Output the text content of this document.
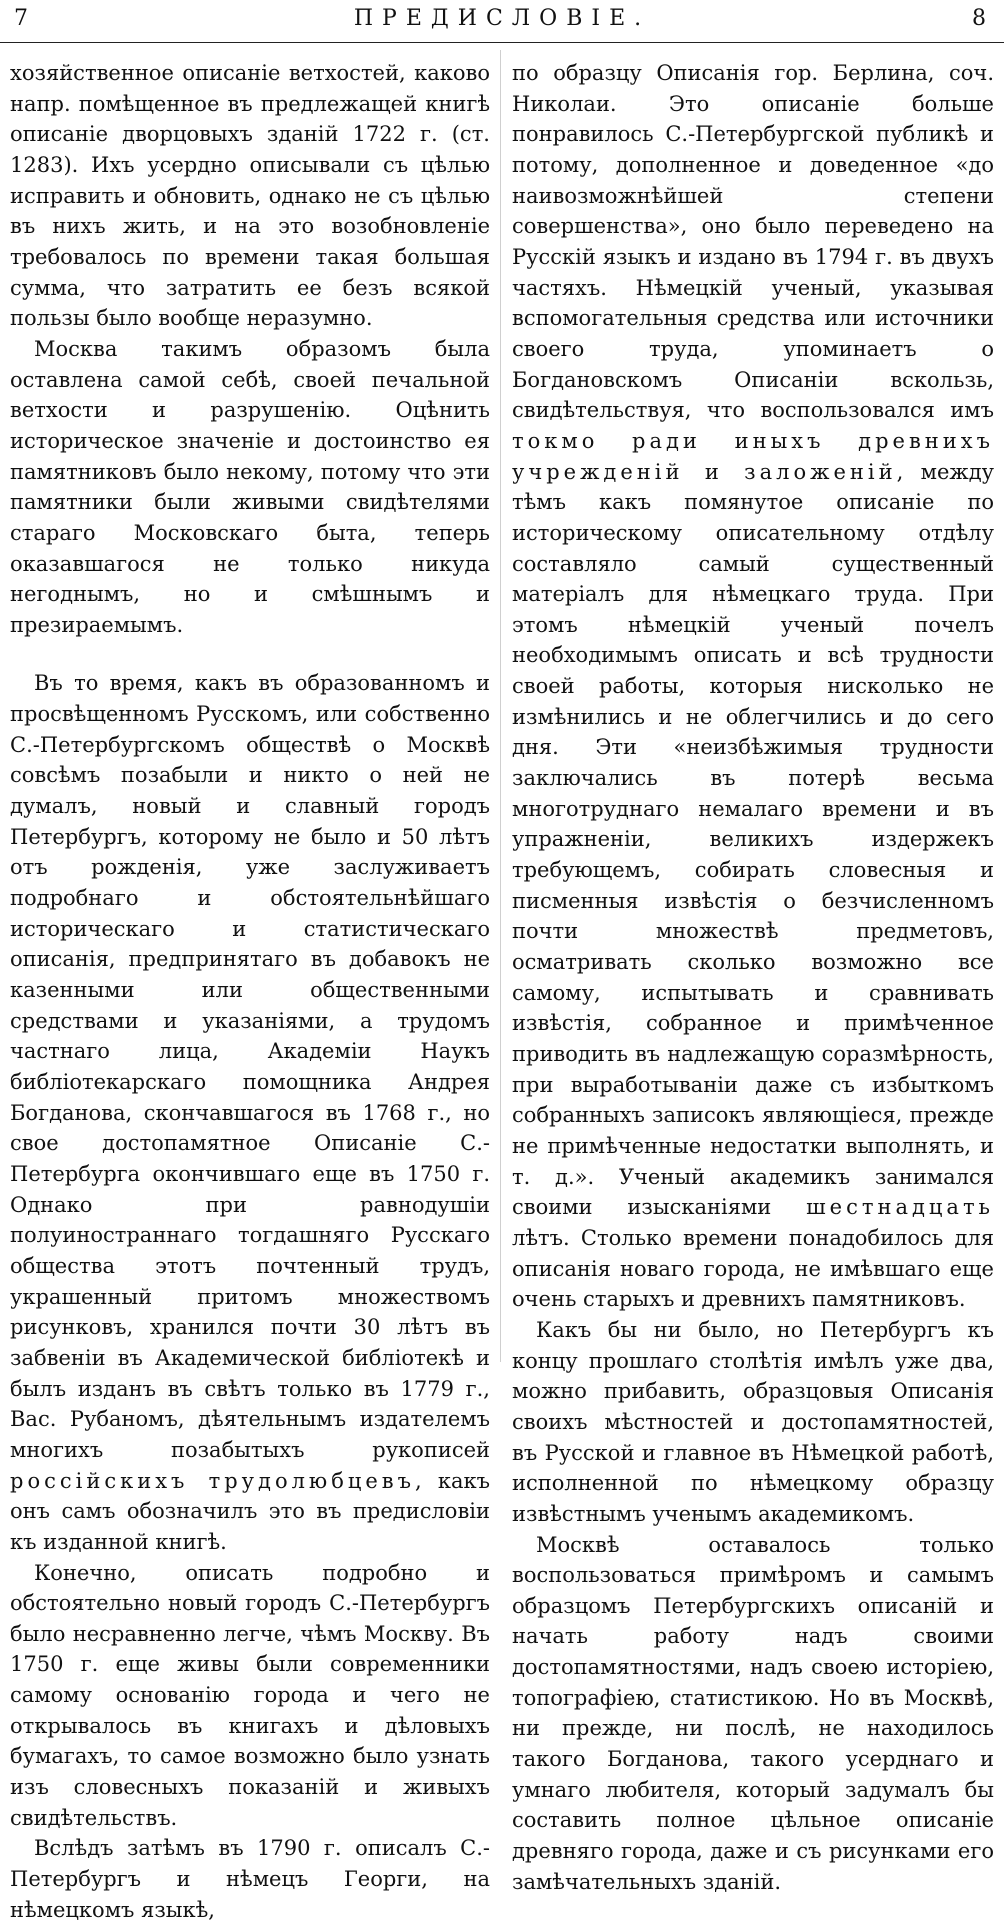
7	ПРЕДИСЛОВІЕ.	8

хозяйственное описаніе ветхостей, каково напр. помѣщенное въ предлежащей книгѣ описаніе дворцовыхъ зданій 1722 г. (ст. 1283). Ихъ усердно описывали съ цѣлью исправить и обновить, однако не съ цѣлью въ нихъ жить, и на это возобновленіе требовалось по времени такая большая сумма, что затратить ее безъ всякой пользы было вообще неразумно.

Москва такимъ образомъ была оставлена самой себѣ, своей печальной ветхости и разрушенію. Оцѣнить историческое значеніе и достоинство ея памятниковъ было некому, потому что эти памятники были живыми свидѣтелями стараго Московскаго быта, теперь оказавшагося не только никуда негоднымъ, но и смѣшнымъ и презираемымъ.

Въ то время, какъ въ образованномъ и просвѣщенномъ Русскомъ, или собственно С.-Петербургскомъ обществѣ о Москвѣ совсѣмъ позабыли и никто о ней не думалъ, новый и славный городъ Петербургъ, которому не было и 50 лѣтъ отъ рожденія, уже заслуживаетъ подробнаго и обстоятельнѣйшаго историческаго и статистическаго описанія, предпринятаго въ добавокъ не казенными или общественными средствами и указаніями, а трудомъ частнаго лица, Академіи Наукъ библіотекарскаго помощника Андрея Богданова, скончавшагося въ 1768 г., но свое достопамятное Описаніе С.-Петербурга окончившаго еще въ 1750 г. Однако при равнодушіи полуиностраннаго тогдашняго Русскаго общества этотъ почтенный трудъ, украшенный притомъ множествомъ рисунковъ, хранился почти 30 лѣтъ въ забвеніи въ Академической библіотекѣ и былъ изданъ въ свѣтъ только въ 1779 г., Вас. Рубаномъ, дѣятельнымъ издателемъ многихъ позабытыхъ рукописей россійскихъ трудолюбцевъ, какъ онъ самъ обозначилъ это въ предисловіи къ изданной книгѣ.

Конечно, описать подробно и обстоятельно новый городъ С.-Петербургъ было несравненно легче, чѣмъ Москву. Въ 1750 г. еще живы были современники самому основанію города и чего не открывалось въ книгахъ и дѣловыхъ бумагахъ, то самое возможно было узнать изъ словесныхъ показаній и живыхъ свидѣтельствъ.

Вслѣдъ затѣмъ въ 1790 г. описалъ С.-Петербургъ и нѣмецъ Георги, на нѣмецкомъ языкѣ,

по образцу Описанія гор. Берлина, соч. Николаи. Это описаніе больше понравилось С.-Петербургской публикѣ и потому, дополненное и доведенное «до наивозможнѣйшей степени совершенства», оно было переведено на Русскій языкъ и издано въ 1794 г. въ двухъ частяхъ. Нѣмецкій ученый, указывая вспомогательныя средства или источники своего труда, упоминаетъ о Богдановскомъ Описаніи вскользь, свидѣтельствуя, что воспользовался имъ токмо ради иныхъ древнихъ учрежденій и заложеній, между тѣмъ какъ помянутое описаніе по историческому описательному отдѣлу составляло самый существенный матеріалъ для нѣмецкаго труда. При этомъ нѣмецкій ученый почелъ необходимымъ описать и всѣ трудности своей работы, которыя нисколько не измѣнились и не облегчились и до сего дня. Эти «неизбѣжимыя трудности заключались въ потерѣ весьма многотруднаго немалаго времени и въ упражненіи, великихъ издержекъ требующемъ, собирать словесныя и писменныя извѣстія о безчисленномъ почти множествѣ предметовъ, осматривать сколько возможно все самому, испытывать и сравнивать извѣстія, собранное и примѣченное приводить въ надлежащую соразмѣрность, при выработываніи даже съ избыткомъ собранныхъ записокъ являющіеся, прежде не примѣченные недостатки выполнять, и т. д.». Ученый академикъ занимался своими изысканіями шестнадцать лѣтъ. Столько времени понадобилось для описанія новаго города, не имѣвшаго еще очень старыхъ и древнихъ памятниковъ.

Какъ бы ни было, но Петербургъ къ концу прошлаго столѣтія имѣлъ уже два, можно прибавить, образцовыя Описанія своихъ мѣстностей и достопамятностей, въ Русской и главное въ Нѣмецкой работѣ, исполненной по нѣмецкому образцу извѣстнымъ ученымъ академикомъ.

Москвѣ оставалось только воспользоваться примѣромъ и самымъ образцомъ Петербургскихъ описаній и начать работу надъ своими достопамятностями, надъ своею исторіею, топографіею, статистикою. Но въ Москвѣ, ни прежде, ни послѣ, не находилось такого Богданова, такого усерднаго и умнаго любителя, который задумалъ бы составить полное цѣльное описаніе древняго города, даже и съ рисунками его замѣчательныхъ зданій.
